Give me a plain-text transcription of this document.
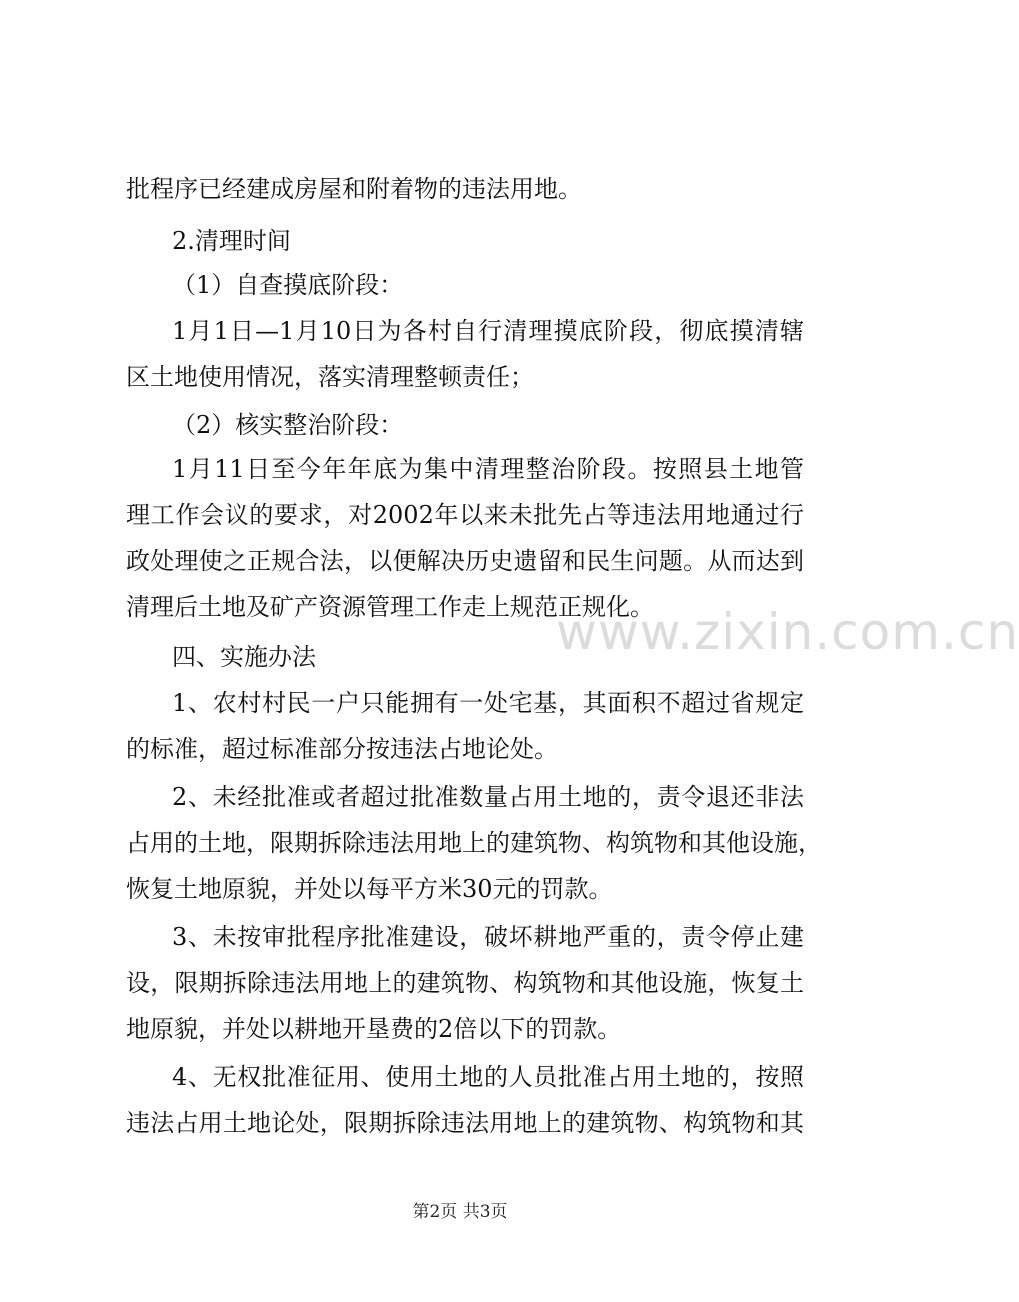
批程序已经建成房屋和附着物的违法用地。
2.清理时间
（1）自查摸底阶段：
1月1日—1月10日为各村自行清理摸底阶段，彻底摸清辖
区土地使用情况，落实清理整顿责任；
（2）核实整治阶段：
1月11日至今年年底为集中清理整治阶段。按照县土地管
理工作会议的要求，对2002年以来未批先占等违法用地通过行
政处理使之正规合法，以便解决历史遗留和民生问题。从而达到
清理后土地及矿产资源管理工作走上规范正规化。
四、实施办法
1、农村村民一户只能拥有一处宅基，其面积不超过省规定
的标准，超过标准部分按违法占地论处。
2、未经批准或者超过批准数量占用土地的，责令退还非法
占用的土地，限期拆除违法用地上的建筑物、构筑物和其他设施，
恢复土地原貌，并处以每平方米30元的罚款。
3、未按审批程序批准建设，破坏耕地严重的，责令停止建
设，限期拆除违法用地上的建筑物、构筑物和其他设施，恢复土
地原貌，并处以耕地开垦费的2倍以下的罚款。
4、无权批准征用、使用土地的人员批准占用土地的，按照
违法占用土地论处，限期拆除违法用地上的建筑物、构筑物和其
www.zixin.com.cn
第2页 共3页
